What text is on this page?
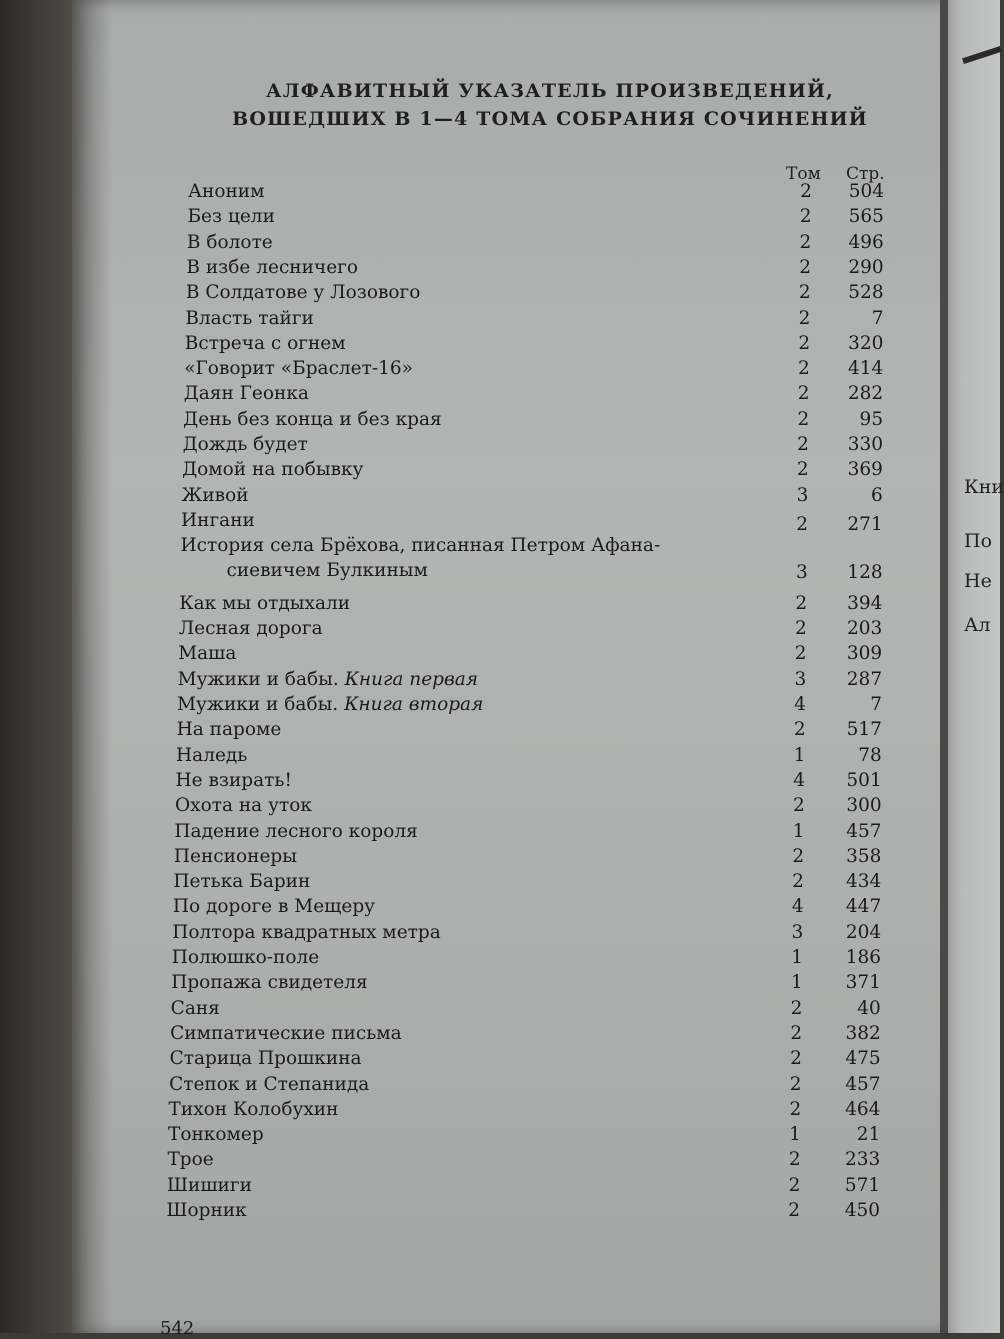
Кни
По
Не
Ал
АЛФАВИТНЫЙ УКАЗАТЕЛЬ ПРОИЗВЕДЕНИЙ,
ВОШЕДШИХ В 1—4 ТОМА СОБРАНИЯ СОЧИНЕНИЙ
Том Стр.
Аноним	2	504
Без цели	2	565
В болоте	2	496
В избе лесничего	2	290
В Солдатове у Лозового	2	528
Власть тайги	2	7
Встреча с огнем	2	320
«Говорит «Браслет-16»	2	414
Даян Геонка	2	282
День без конца и без края	2	95
Дождь будет	2	330
Домой на побывку	2	369
Живой	3	6
Ингани	2	271
История села Брёхова, писанная Петром Афана-
сиевичем Булкиным	3	128
Как мы отдыхали	2	394
Лесная дорога	2	203
Маша	2	309
Мужики и бабы. Книга первая	3	287
Мужики и бабы. Книга вторая	4	7
На пароме	2	517
Наледь	1	78
Не взирать!	4	501
Охота на уток	2	300
Падение лесного короля	1	457
Пенсионеры	2	358
Петька Барин	2	434
По дороге в Мещеру	4	447
Полтора квадратных метра	3	204
Полюшко-поле	1	186
Пропажа свидетеля	1	371
Саня	2	40
Симпатические письма	2	382
Старица Прошкина	2	475
Степок и Степанида	2	457
Тихон Колобухин	2	464
Тонкомер	1	21
Трое	2	233
Шишиги	2	571
Шорник	2	450
542
